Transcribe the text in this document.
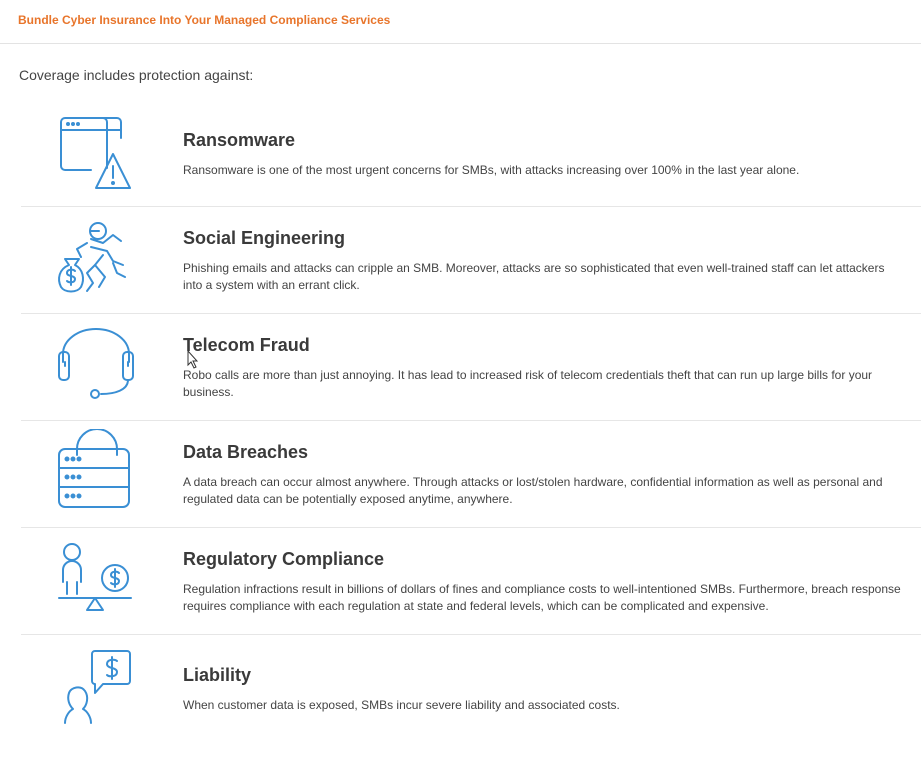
Bundle Cyber Insurance Into Your Managed Compliance Services
Coverage includes protection against:
Ransomware
Ransomware is one of the most urgent concerns for SMBs, with attacks increasing over 100% in the last year alone.
Social Engineering
Phishing emails and attacks can cripple an SMB. Moreover, attacks are so sophisticated that even well-trained staff can let attackers into a system with an errant click.
Telecom Fraud
Robo calls are more than just annoying. It has lead to increased risk of telecom credentials theft that can run up large bills for your business.
Data Breaches
A data breach can occur almost anywhere. Through attacks or lost/stolen hardware, confidential information as well as personal and regulated data can be potentially exposed anytime, anywhere.
Regulatory Compliance
Regulation infractions result in billions of dollars of fines and compliance costs to well-intentioned SMBs. Furthermore, breach response requires compliance with each regulation at state and federal levels, which can be complicated and expensive.
Liability
When customer data is exposed, SMBs incur severe liability and associated costs.
